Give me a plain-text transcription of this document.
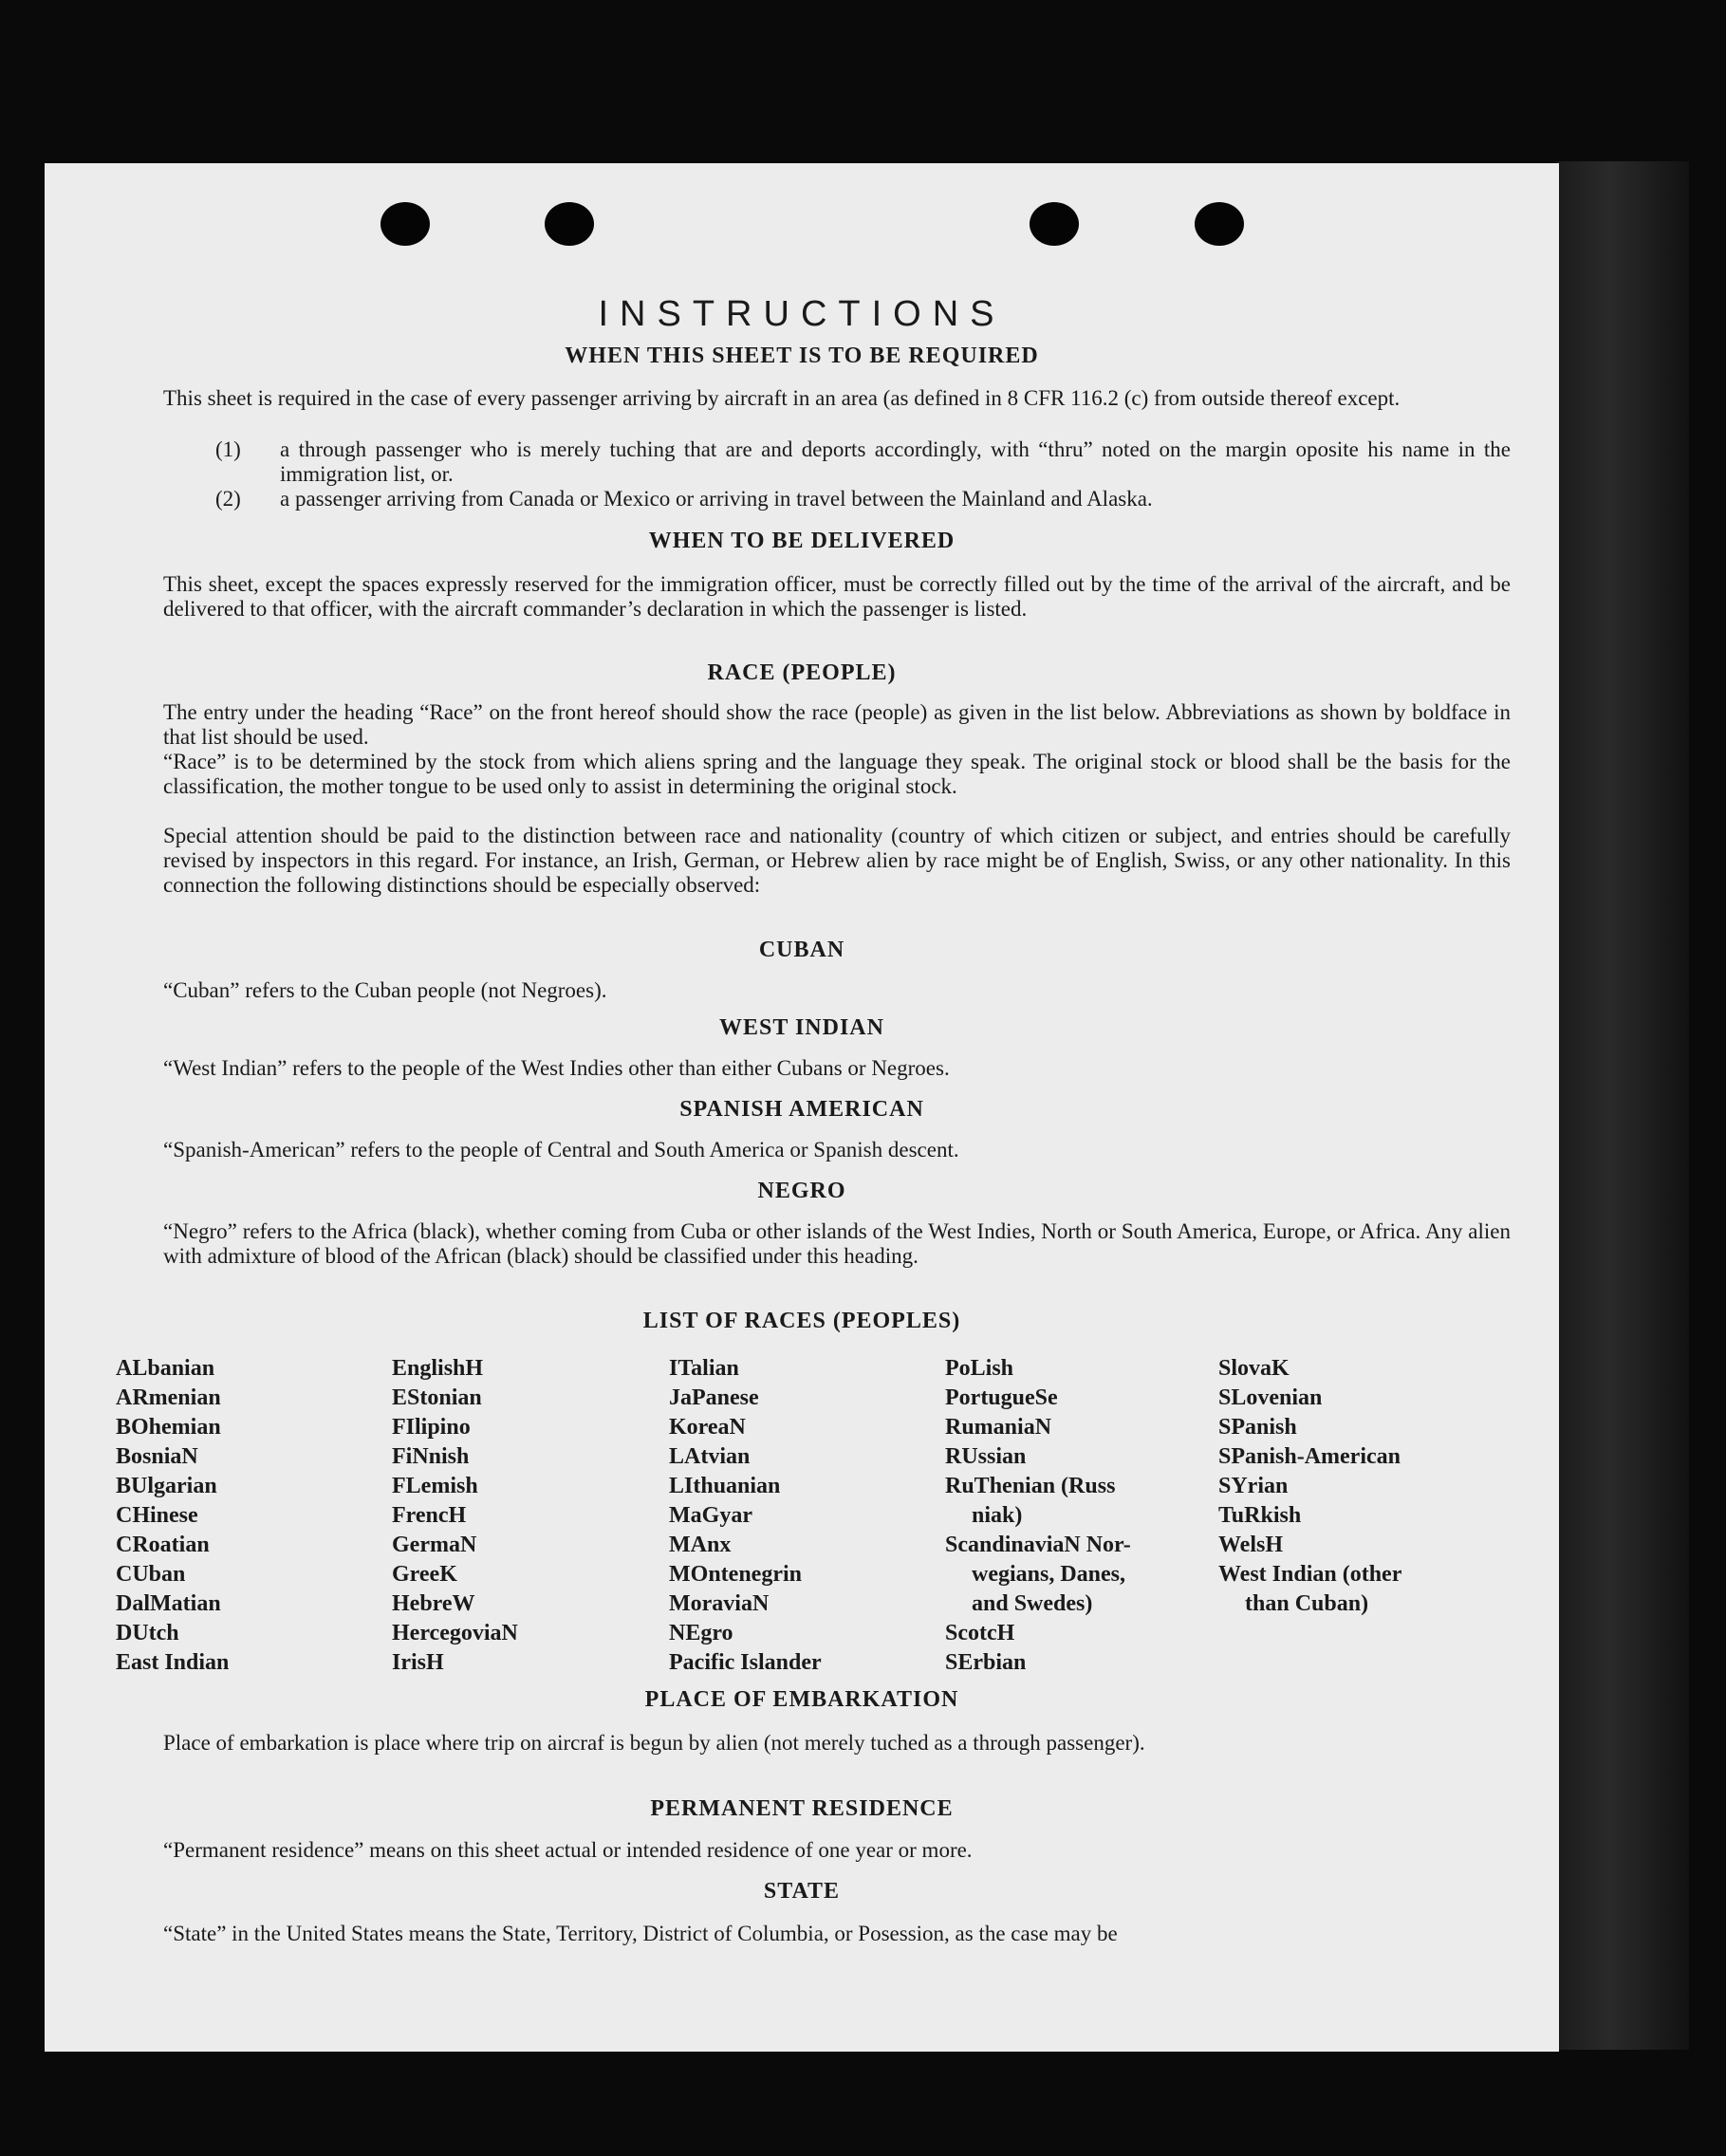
INSTRUCTIONS
WHEN THIS SHEET IS TO BE REQUIRED
This sheet is required in the case of every passenger arriving by aircraft in an area (as defined in 8 CFR 116.2 (c) from outside thereof except.
(1)	a through passenger who is merely tuching that are and deports accordingly, with “thru” noted on the margin oposite his name in the immigration list, or.
(2)	a passenger arriving from Canada or Mexico or arriving in travel between the Mainland and Alaska.
WHEN TO BE DELIVERED
This sheet, except the spaces expressly reserved for the immigration officer, must be correctly filled out by the time of the arrival of the aircraft, and be delivered to that officer, with the aircraft commander’s declaration in which the passenger is listed.
RACE (PEOPLE)
The entry under the heading “Race” on the front hereof should show the race (people) as given in the list below. Abbreviations as shown by boldface in that list should be used.
“Race” is to be determined by the stock from which aliens spring and the language they speak. The original stock or blood shall be the basis for the classification, the mother tongue to be used only to assist in determining the original stock.
Special attention should be paid to the distinction between race and nationality (country of which citizen or subject, and entries should be carefully revised by inspectors in this regard. For instance, an Irish, German, or Hebrew alien by race might be of English, Swiss, or any other nationality. In this connection the following distinctions should be especially observed:
CUBAN
“Cuban” refers to the Cuban people (not Negroes).
WEST INDIAN
“West Indian” refers to the people of the West Indies other than either Cubans or Negroes.
SPANISH AMERICAN
“Spanish-American” refers to the people of Central and South America or Spanish descent.
NEGRO
“Negro” refers to the Africa (black), whether coming from Cuba or other islands of the West Indies, North or South America, Europe, or Africa. Any alien with admixture of blood of the African (black) should be classified under this heading.
LIST OF RACES (PEOPLES)
ALbanian
ARmenian
BOhemian
BosniaN
BUlgarian
CHinese
CRoatian
CUban
DalMatian
DUtch
East Indian
EnglishH
EStonian
FIlipino
FiNnish
FLemish
FrencH
GermaN
GreeK
HebreW
HercegoviaN
IrisH
ITalian
JaPanese
KoreaN
LAtvian
LIthuanian
MaGyar
MAnx
MOntenegrin
MoraviaN
NEgro
Pacific Islander
PoLish
PortugueSe
RumaniaN
RUssian
RuThenian (Russ
niak)
ScandinaviaN Nor-
wegians, Danes,
and Swedes)
ScotcH
SErbian
SlovaK
SLovenian
SPanish
SPanish-American
SYrian
TuRkish
WelsH
West Indian (other
than Cuban)
PLACE OF EMBARKATION
Place of embarkation is place where trip on aircraf is begun by alien (not merely tuched as a through passenger).
PERMANENT RESIDENCE
“Permanent residence” means on this sheet actual or intended residence of one year or more.
STATE
“State” in the United States means the State, Territory, District of Columbia, or Posession, as the case may be
